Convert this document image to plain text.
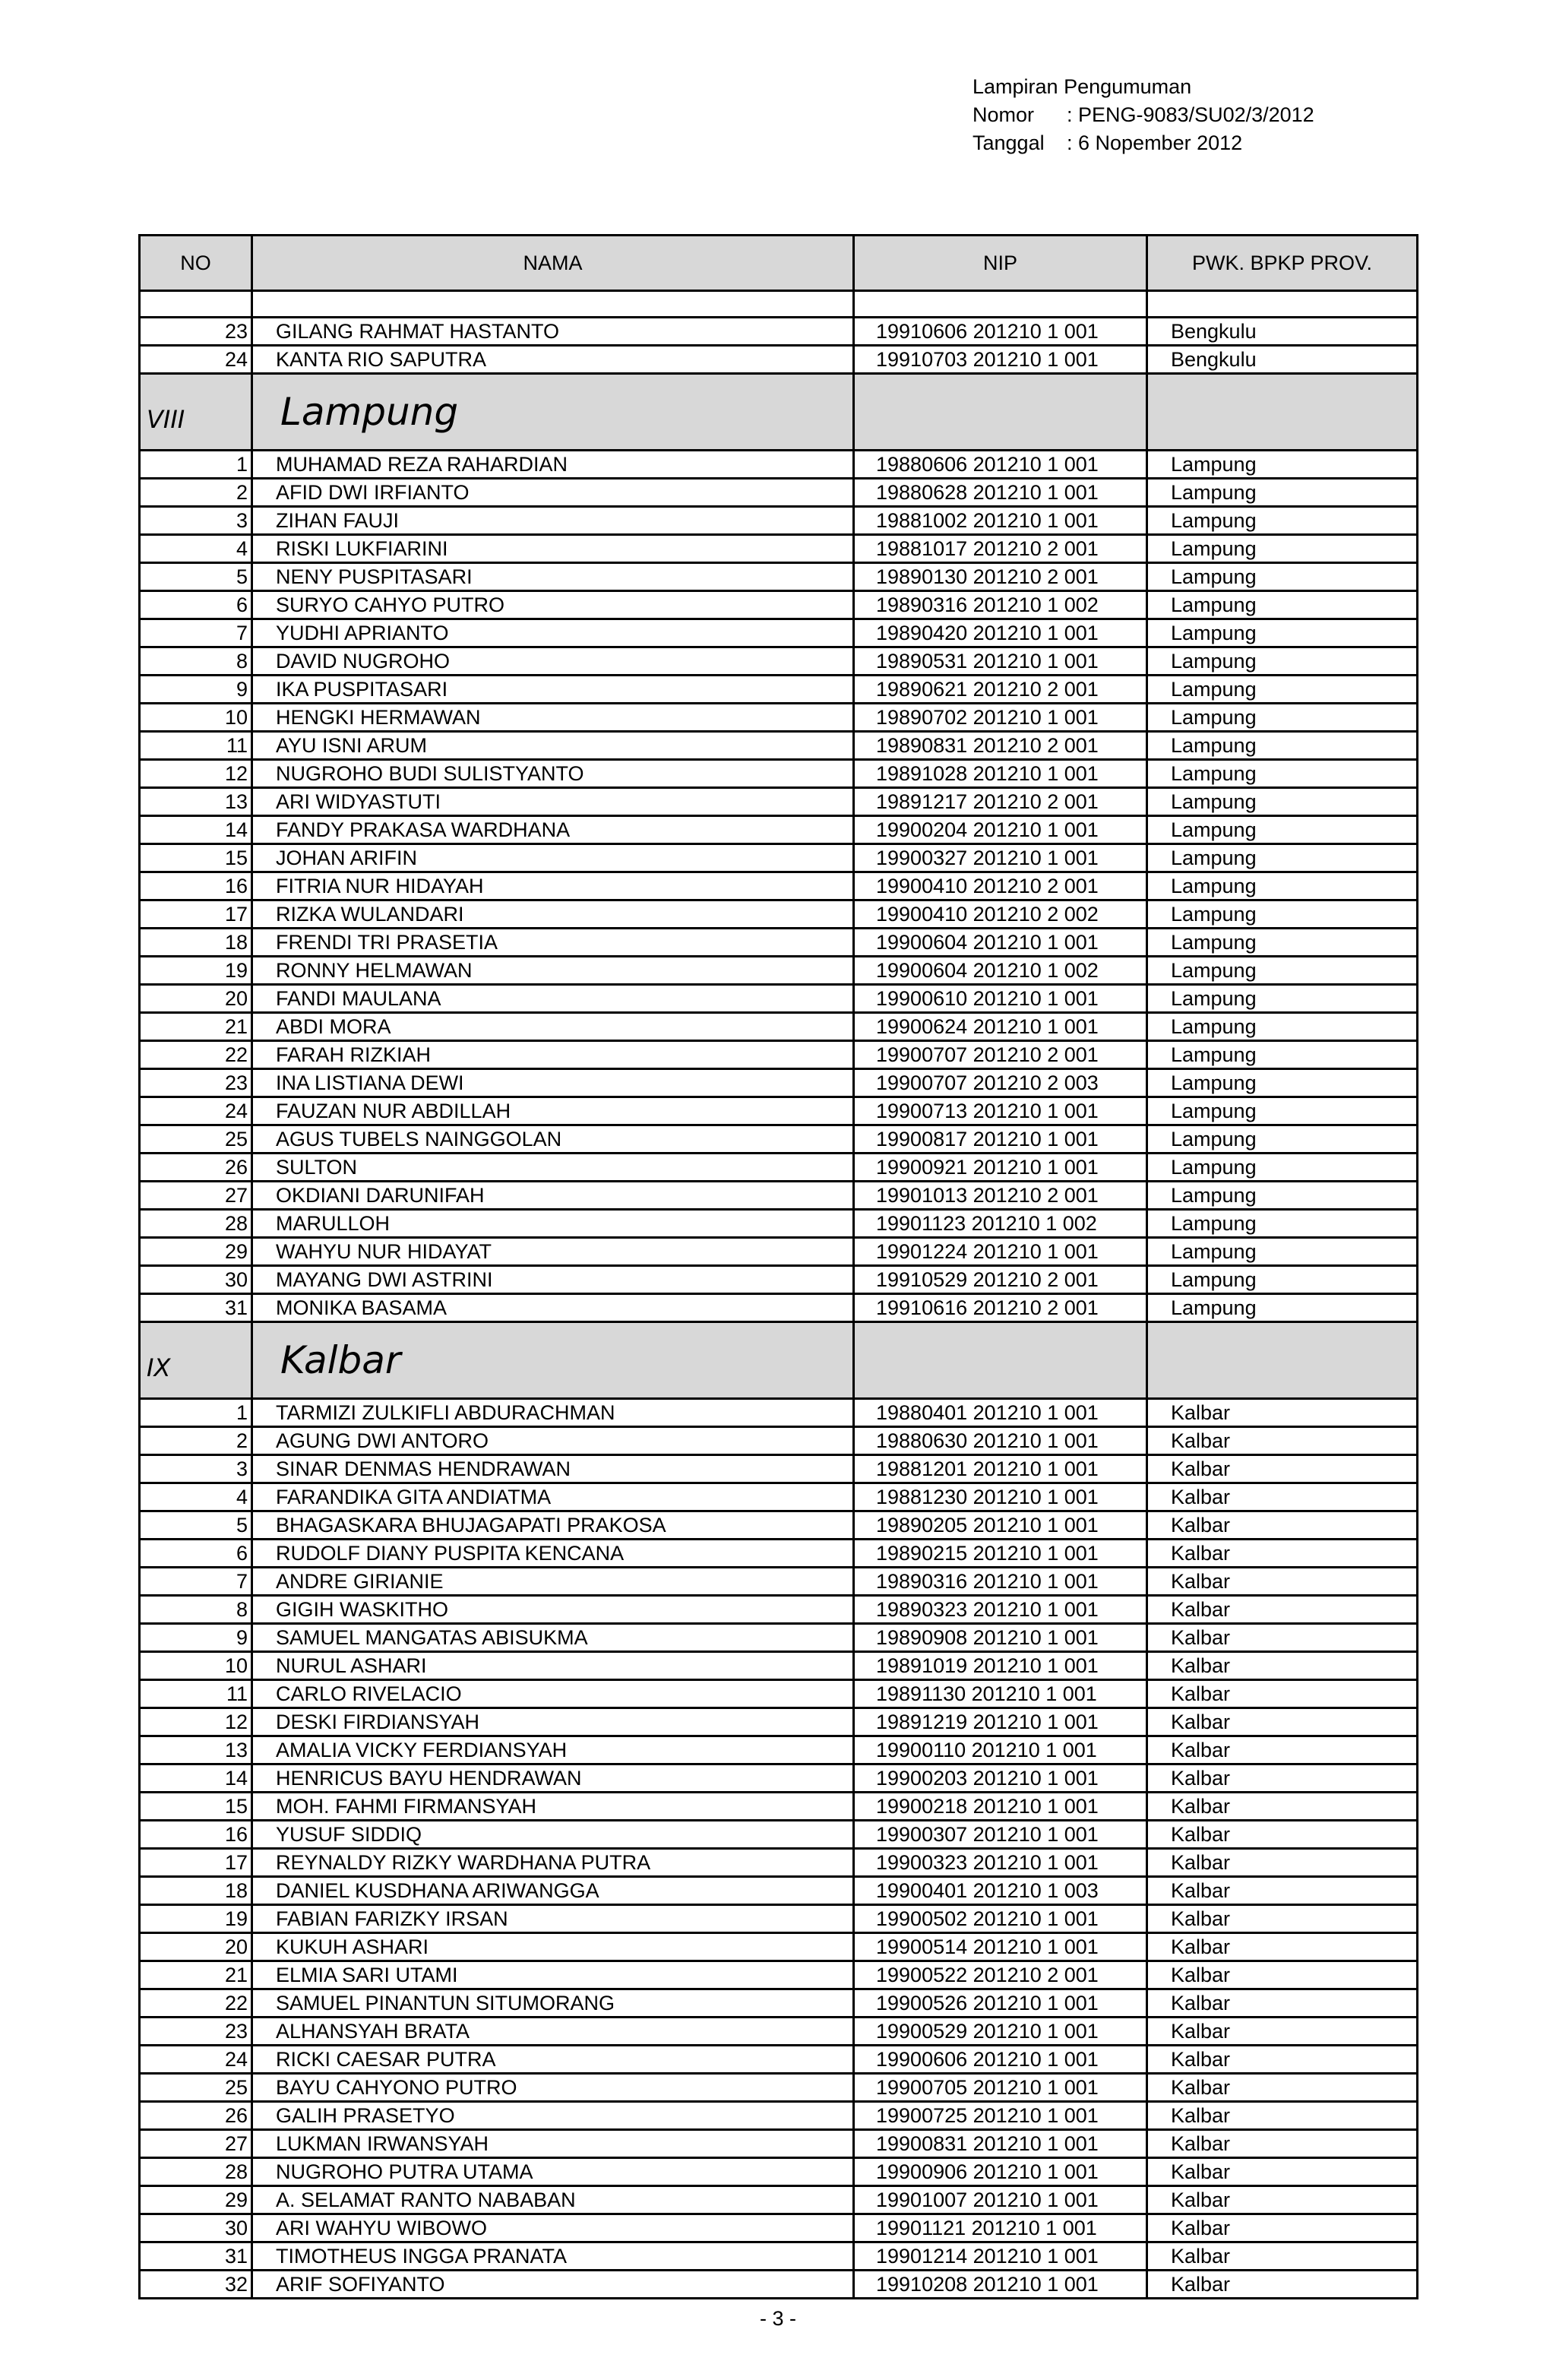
Lampiran Pengumuman
Nomor : PENG-9083/SU02/3/2012
Tanggal : 6 Nopember 2012
NO	NAMA	NIP	PWK. BPKP PROV.

23	GILANG RAHMAT HASTANTO	19910606 201210 1 001	Bengkulu
24	KANTA RIO SAPUTRA	19910703 201210 1 001	Bengkulu
VIII	Lampung		
1	MUHAMAD REZA RAHARDIAN	19880606 201210 1 001	Lampung
2	AFID DWI IRFIANTO	19880628 201210 1 001	Lampung
3	ZIHAN FAUJI	19881002 201210 1 001	Lampung
4	RISKI LUKFIARINI	19881017 201210 2 001	Lampung
5	NENY PUSPITASARI	19890130 201210 2 001	Lampung
6	SURYO CAHYO PUTRO	19890316 201210 1 002	Lampung
7	YUDHI APRIANTO	19890420 201210 1 001	Lampung
8	DAVID NUGROHO	19890531 201210 1 001	Lampung
9	IKA PUSPITASARI	19890621 201210 2 001	Lampung
10	HENGKI HERMAWAN	19890702 201210 1 001	Lampung
11	AYU ISNI ARUM	19890831 201210 2 001	Lampung
12	NUGROHO BUDI SULISTYANTO	19891028 201210 1 001	Lampung
13	ARI WIDYASTUTI	19891217 201210 2 001	Lampung
14	FANDY PRAKASA WARDHANA	19900204 201210 1 001	Lampung
15	JOHAN ARIFIN	19900327 201210 1 001	Lampung
16	FITRIA NUR HIDAYAH	19900410 201210 2 001	Lampung
17	RIZKA WULANDARI	19900410 201210 2 002	Lampung
18	FRENDI TRI PRASETIA	19900604 201210 1 001	Lampung
19	RONNY HELMAWAN	19900604 201210 1 002	Lampung
20	FANDI MAULANA	19900610 201210 1 001	Lampung
21	ABDI MORA	19900624 201210 1 001	Lampung
22	FARAH RIZKIAH	19900707 201210 2 001	Lampung
23	INA LISTIANA DEWI	19900707 201210 2 003	Lampung
24	FAUZAN NUR ABDILLAH	19900713 201210 1 001	Lampung
25	AGUS TUBELS NAINGGOLAN	19900817 201210 1 001	Lampung
26	SULTON	19900921 201210 1 001	Lampung
27	OKDIANI DARUNIFAH	19901013 201210 2 001	Lampung
28	MARULLOH	19901123 201210 1 002	Lampung
29	WAHYU NUR HIDAYAT	19901224 201210 1 001	Lampung
30	MAYANG DWI ASTRINI	19910529 201210 2 001	Lampung
31	MONIKA BASAMA	19910616 201210 2 001	Lampung
IX	Kalbar		
1	TARMIZI ZULKIFLI ABDURACHMAN	19880401 201210 1 001	Kalbar
2	AGUNG DWI ANTORO	19880630 201210 1 001	Kalbar
3	SINAR DENMAS HENDRAWAN	19881201 201210 1 001	Kalbar
4	FARANDIKA GITA ANDIATMA	19881230 201210 1 001	Kalbar
5	BHAGASKARA BHUJAGAPATI PRAKOSA	19890205 201210 1 001	Kalbar
6	RUDOLF DIANY PUSPITA KENCANA	19890215 201210 1 001	Kalbar
7	ANDRE GIRIANIE	19890316 201210 1 001	Kalbar
8	GIGIH WASKITHO	19890323 201210 1 001	Kalbar
9	SAMUEL MANGATAS ABISUKMA	19890908 201210 1 001	Kalbar
10	NURUL ASHARI	19891019 201210 1 001	Kalbar
11	CARLO RIVELACIO	19891130 201210 1 001	Kalbar
12	DESKI FIRDIANSYAH	19891219 201210 1 001	Kalbar
13	AMALIA VICKY FERDIANSYAH	19900110 201210 1 001	Kalbar
14	HENRICUS BAYU HENDRAWAN	19900203 201210 1 001	Kalbar
15	MOH. FAHMI FIRMANSYAH	19900218 201210 1 001	Kalbar
16	YUSUF SIDDIQ	19900307 201210 1 001	Kalbar
17	REYNALDY RIZKY WARDHANA PUTRA	19900323 201210 1 001	Kalbar
18	DANIEL KUSDHANA ARIWANGGA	19900401 201210 1 003	Kalbar
19	FABIAN FARIZKY IRSAN	19900502 201210 1 001	Kalbar
20	KUKUH ASHARI	19900514 201210 1 001	Kalbar
21	ELMIA SARI UTAMI	19900522 201210 2 001	Kalbar
22	SAMUEL PINANTUN SITUMORANG	19900526 201210 1 001	Kalbar
23	ALHANSYAH BRATA	19900529 201210 1 001	Kalbar
24	RICKI CAESAR PUTRA	19900606 201210 1 001	Kalbar
25	BAYU CAHYONO PUTRO	19900705 201210 1 001	Kalbar
26	GALIH PRASETYO	19900725 201210 1 001	Kalbar
27	LUKMAN IRWANSYAH	19900831 201210 1 001	Kalbar
28	NUGROHO PUTRA UTAMA	19900906 201210 1 001	Kalbar
29	A. SELAMAT RANTO NABABAN	19901007 201210 1 001	Kalbar
30	ARI WAHYU WIBOWO	19901121 201210 1 001	Kalbar
31	TIMOTHEUS INGGA PRANATA	19901214 201210 1 001	Kalbar
32	ARIF SOFIYANTO	19910208 201210 1 001	Kalbar
- 3 -
